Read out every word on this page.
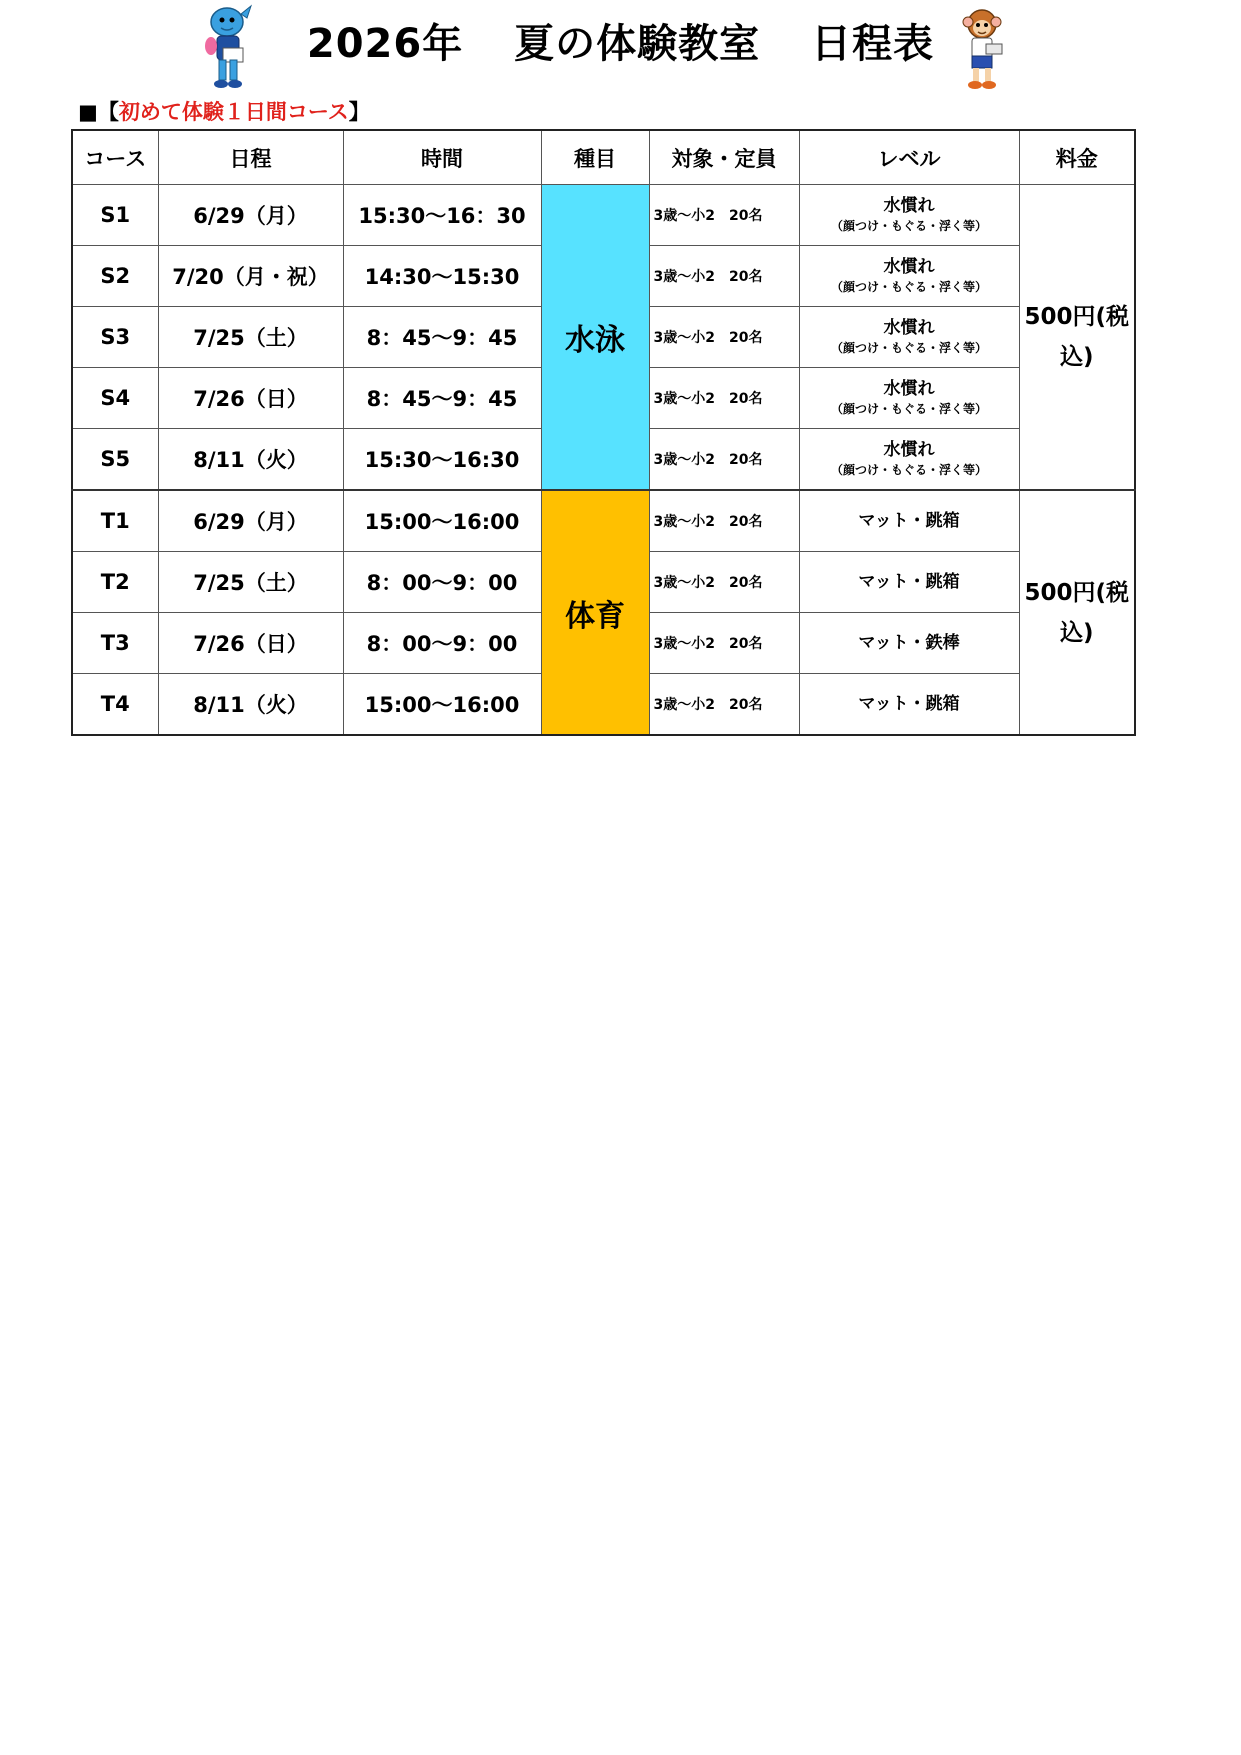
2026年 夏の体験教室 日程表
■【初めて体験１日間コース】
コース	日程	時間	種目	対象・定員	レベル	料金
S1	6/29（月）	15:30～16：30	水泳	3歳～小2　20名	水慣れ
（顔つけ・もぐる・浮く等）	500円(税
込)

S2	7/20（月・祝）	14:30～15:30		3歳～小2　20名	水慣れ
（顔つけ・もぐる・浮く等）	

S3	7/25（土）	8：45～9：45		3歳～小2　20名	水慣れ
（顔つけ・もぐる・浮く等）	

S4	7/26（日）	8：45～9：45		3歳～小2　20名	水慣れ
（顔つけ・もぐる・浮く等）	

S5	8/11（火）	15:30～16:30		3歳～小2　20名	水慣れ
（顔つけ・もぐる・浮く等）	

T1	6/29（月）	15:00～16:00	体育	3歳～小2　20名	マット・跳箱	500円(税
込)

T2	7/25（土）	8：00～9：00		3歳～小2　20名	マット・跳箱	

T3	7/26（日）	8：00～9：00		3歳～小2　20名	マット・鉄棒	

T4	8/11（火）	15:00～16:00		3歳～小2　20名	マット・跳箱	
